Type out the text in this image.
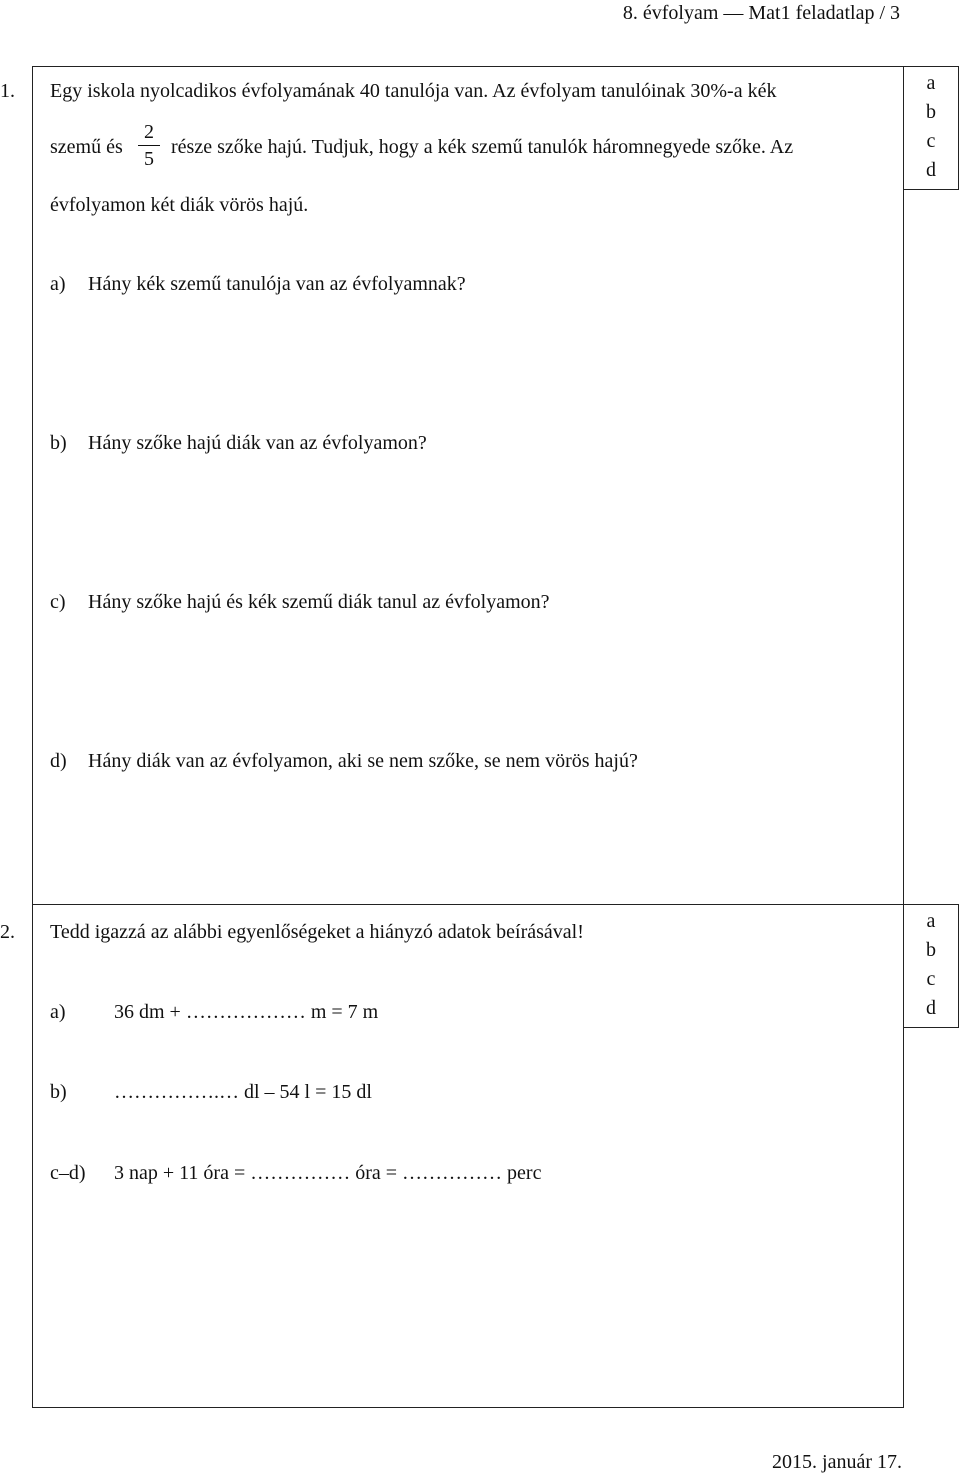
8. évfolyam — Mat1 feladatlap / 3
a
b
c
d
1. Egy iskola nyolcadikos évfolyamának 40 tanulója van. Az évfolyam tanulóinak 30%-a kék
szemű és
2
5
része szőke hajú. Tudjuk, hogy a kék szemű tanulók háromnegyede szőke. Az
évfolyamon két diák vörös hajú.
a) Hány kék szemű tanulója van az évfolyamnak?
b) Hány szőke hajú diák van az évfolyamon?
c) Hány szőke hajú és kék szemű diák tanul az évfolyamon?
d) Hány diák van az évfolyamon, aki se nem szőke, se nem vörös hajú?
a
b
c
d
2. Tedd igazzá az alábbi egyenlőségeket a hiányzó adatok beírásával!
a) 36 dm + ……………… m = 7 m
b) …………….… dl – 54 l = 15 dl
c–d) 3 nap + 11 óra = …………… óra = …………… perc
2015. január 17.
